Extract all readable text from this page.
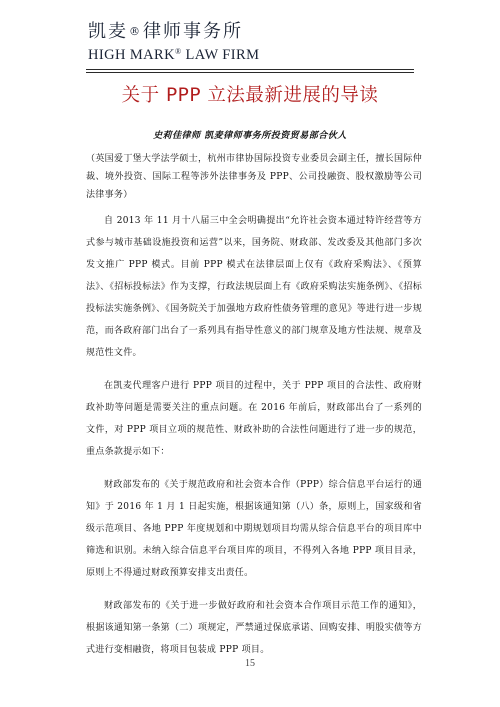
凯麦®律师事务所
HIGH MARK® LAW FIRM
关于 PPP 立法最新进展的导读
史莉佳律师 凯麦律师事务所投资贸易部合伙人

（英国爱丁堡大学法学硕士，杭州市律协国际投资专业委员会副主任，擅长国际仲裁、境外投资、国际工程等涉外法律事务及 PPP、公司投融资、股权激励等公司法律事务）

自 2013 年 11 月十八届三中全会明确提出“允许社会资本通过特许经营等方式参与城市基础设施投资和运营”以来，国务院、财政部、发改委及其他部门多次发文推广 PPP 模式。目前 PPP 模式在法律层面上仅有《政府采购法》、《预算法》、《招标投标法》作为支撑，行政法规层面上有《政府采购法实施条例》、《招标投标法实施条例》、《国务院关于加强地方政府性债务管理的意见》等进行进一步规范，而各政府部门出台了一系列具有指导性意义的部门规章及地方性法规、规章及规范性文件。

在凯麦代理客户进行 PPP 项目的过程中，关于 PPP 项目的合法性、政府财政补助等问题是需要关注的重点问题。在 2016 年前后，财政部出台了一系列的文件，对 PPP 项目立项的规范性、财政补助的合法性问题进行了进一步的规范，重点条款提示如下：

财政部发布的《关于规范政府和社会资本合作（PPP）综合信息平台运行的通知》于 2016 年 1 月 1 日起实施，根据该通知第（八）条，原则上，国家级和省级示范项目、各地 PPP 年度规划和中期规划项目均需从综合信息平台的项目库中筛选和识别。未纳入综合信息平台项目库的项目，不得列入各地 PPP 项目目录，原则上不得通过财政预算安排支出责任。

财政部发布的《关于进一步做好政府和社会资本合作项目示范工作的通知》，根据该通知第一条第（二）项规定，严禁通过保底承诺、回购安排、明股实债等方式进行变相融资，将项目包装成 PPP 项目。

15
